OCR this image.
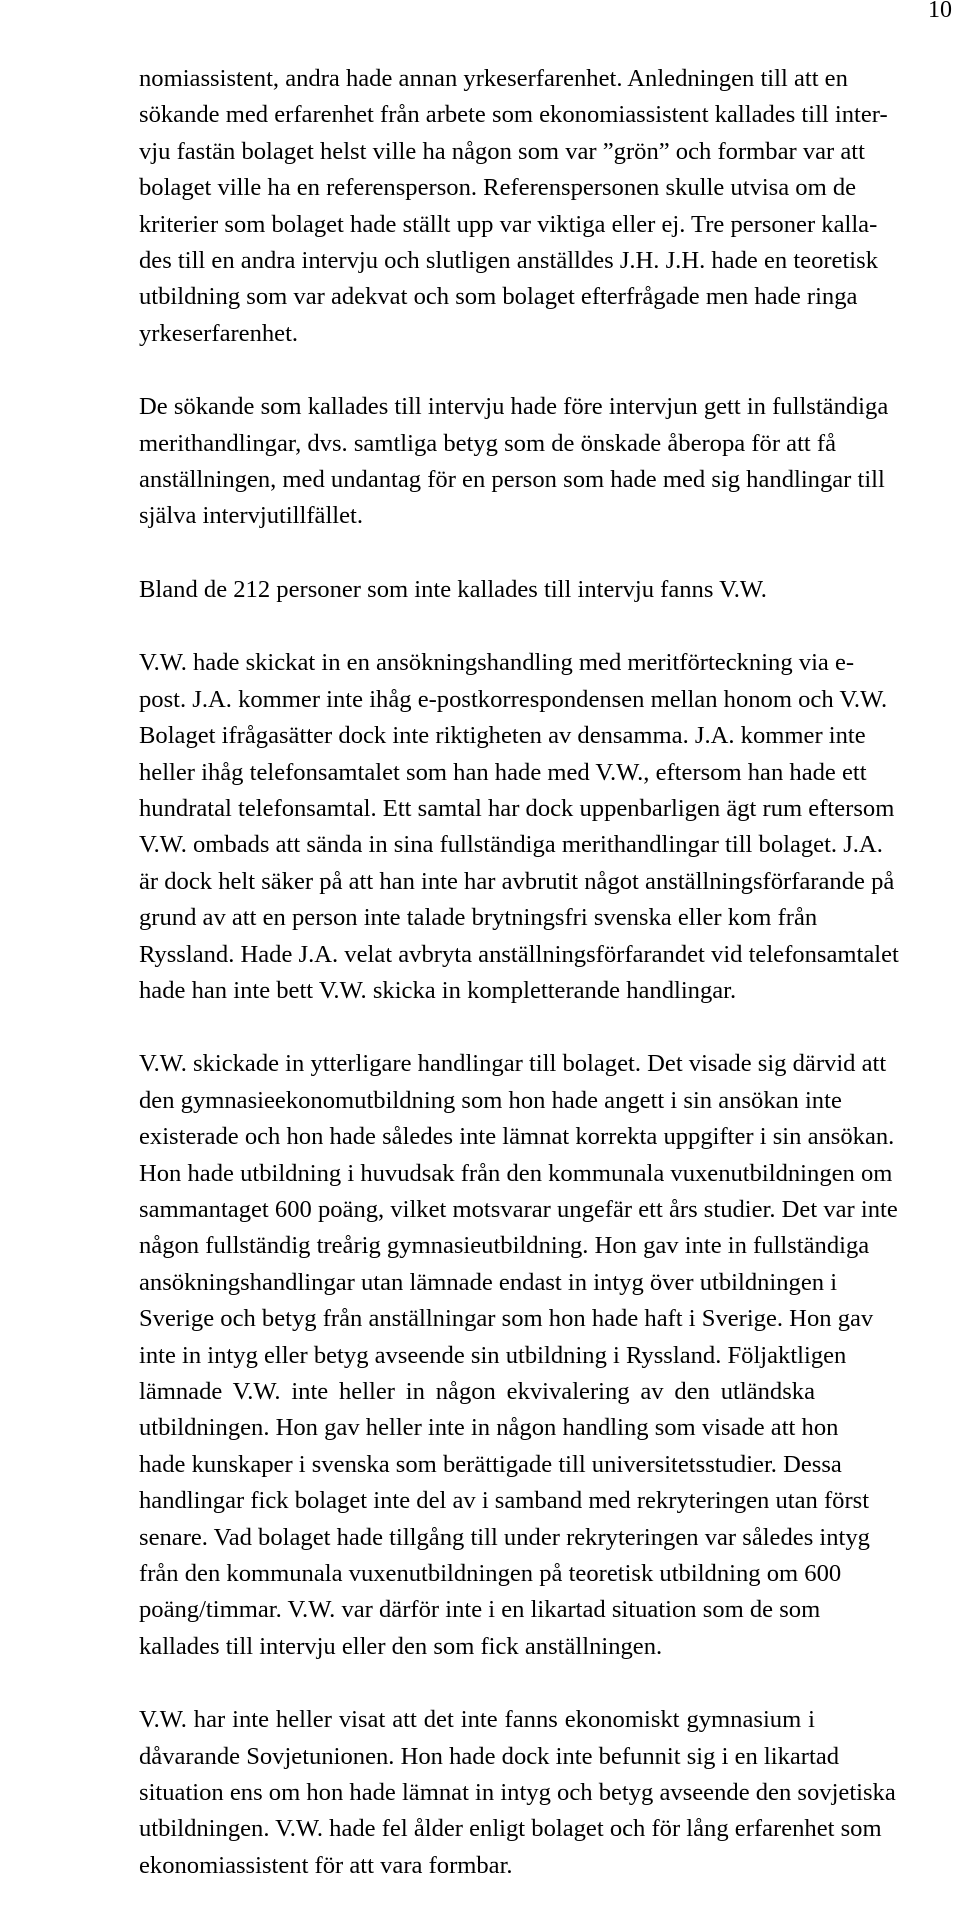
10

nomiassistent, andra hade annan yrkeserfarenhet. Anledningen till att en
sökande med erfarenhet från arbete som ekonomiassistent kallades till inter-
vju fastän bolaget helst ville ha någon som var ”grön” och formbar var att
bolaget ville ha en referensperson. Referenspersonen skulle utvisa om de
kriterier som bolaget hade ställt upp var viktiga eller ej. Tre personer kalla-
des till en andra intervju och slutligen anställdes J.H. J.H. hade en teoretisk
utbildning som var adekvat och som bolaget efterfrågade men hade ringa
yrkeserfarenhet.

De sökande som kallades till intervju hade före intervjun gett in fullständiga
merithandlingar, dvs. samtliga betyg som de önskade åberopa för att få
anställningen, med undantag för en person som hade med sig handlingar till
själva intervjutillfället.

Bland de 212 personer som inte kallades till intervju fanns V.W.

V.W. hade skickat in en ansökningshandling med meritförteckning via e-
post. J.A. kommer inte ihåg e-postkorrespondensen mellan honom och V.W.
Bolaget ifrågasätter dock inte riktigheten av densamma. J.A. kommer inte
heller ihåg telefonsamtalet som han hade med V.W., eftersom han hade ett
hundratal telefonsamtal. Ett samtal har dock uppenbarligen ägt rum eftersom
V.W. ombads att sända in sina fullständiga merithandlingar till bolaget. J.A.
är dock helt säker på att han inte har avbrutit något anställningsförfarande på
grund av att en person inte talade brytningsfri svenska eller kom från
Ryssland. Hade J.A. velat avbryta anställningsförfarandet vid telefonsamtalet
hade han inte bett V.W. skicka in kompletterande handlingar.

V.W. skickade in ytterligare handlingar till bolaget. Det visade sig därvid att
den gymnasieekonomutbildning som hon hade angett i sin ansökan inte
existerade och hon hade således inte lämnat korrekta uppgifter i sin ansökan.
Hon hade utbildning i huvudsak från den kommunala vuxenutbildningen om
sammantaget 600 poäng, vilket motsvarar ungefär ett års studier. Det var inte
någon fullständig treårig gymnasieutbildning. Hon gav inte in fullständiga
ansökningshandlingar utan lämnade endast in intyg över utbildningen i
Sverige och betyg från anställningar som hon hade haft i Sverige. Hon gav
inte in intyg eller betyg avseende sin utbildning i Ryssland. Följaktligen
lämnade V.W. inte heller in någon ekvivalering av den utländska
utbildningen. Hon gav heller inte in någon handling som visade att hon
hade kunskaper i svenska som berättigade till universitetsstudier. Dessa
handlingar fick bolaget inte del av i samband med rekryteringen utan först
senare. Vad bolaget hade tillgång till under rekryteringen var således intyg
från den kommunala vuxenutbildningen på teoretisk utbildning om 600
poäng/timmar. V.W. var därför inte i en likartad situation som de som
kallades till intervju eller den som fick anställningen.

V.W. har inte heller visat att det inte fanns ekonomiskt gymnasium i
dåvarande Sovjetunionen. Hon hade dock inte befunnit sig i en likartad
situation ens om hon hade lämnat in intyg och betyg avseende den sovjetiska
utbildningen. V.W. hade fel ålder enligt bolaget och för lång erfarenhet som
ekonomiassistent för att vara formbar.
